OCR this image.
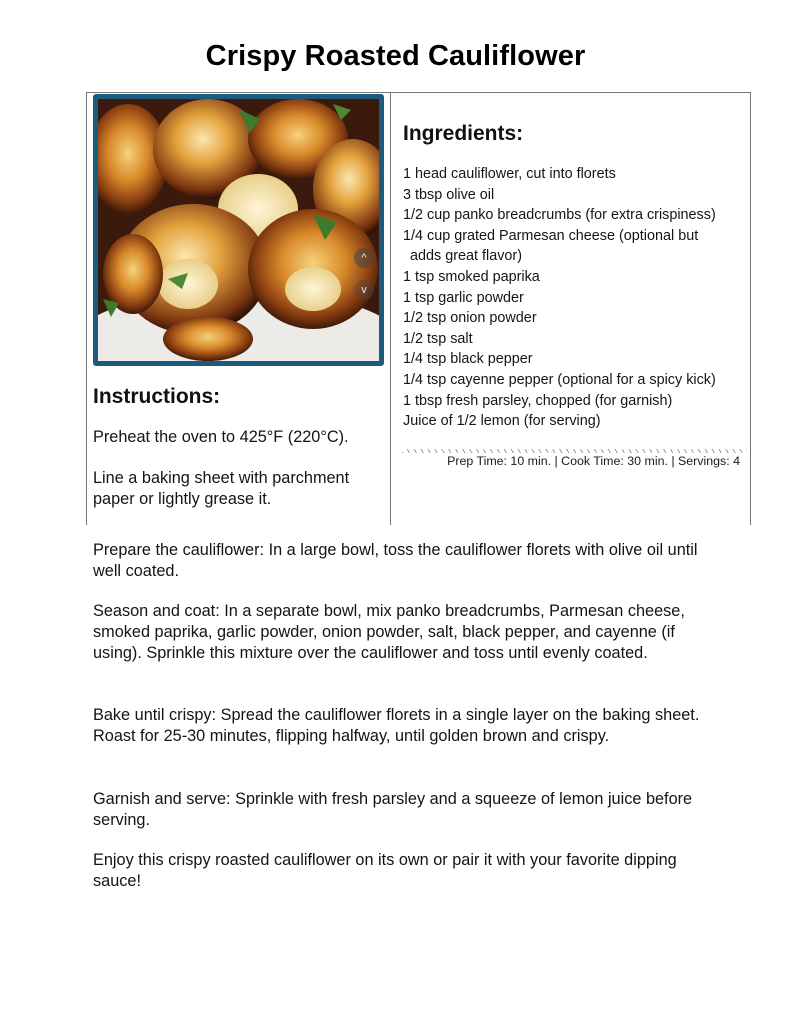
Crispy Roasted Cauliflower
^
v
Ingredients:
1 head cauliflower, cut into florets
3 tbsp olive oil
1/2 cup panko breadcrumbs (for extra crispiness)
1/4 cup grated Parmesan cheese (optional but
adds great flavor)
1 tsp smoked paprika
1 tsp garlic powder
1/2 tsp onion powder
1/2 tsp salt
1/4 tsp black pepper
1/4 tsp cayenne pepper (optional for a spicy kick)
1 tbsp fresh parsley, chopped (for garnish)
Juice of 1/2 lemon (for serving)
Prep Time: 10 min. | Cook Time: 30 min. | Servings: 4
Instructions:

Preheat the oven to 425°F (220°C).

Line a baking sheet with parchment paper or lightly grease it.

Prepare the cauliflower: In a large bowl, toss the cauliflower florets with olive oil until well coated.

Season and coat: In a separate bowl, mix panko breadcrumbs, Parmesan cheese, smoked paprika, garlic powder, onion powder, salt, black pepper, and cayenne (if using). Sprinkle this mixture over the cauliflower and toss until evenly coated.

Bake until crispy: Spread the cauliflower florets in a single layer on the baking sheet. Roast for 25-30 minutes, flipping halfway, until golden brown and crispy.

Garnish and serve: Sprinkle with fresh parsley and a squeeze of lemon juice before serving.

Enjoy this crispy roasted cauliflower on its own or pair it with your favorite dipping sauce!
